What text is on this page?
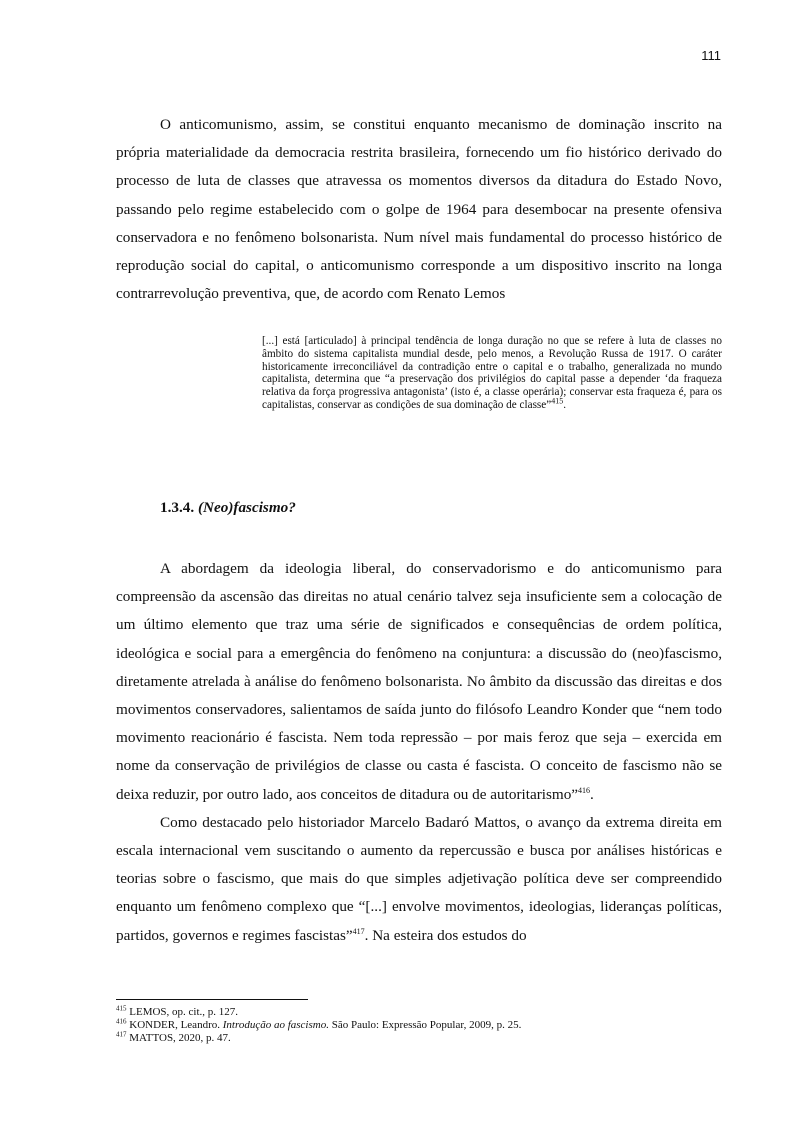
111

O anticomunismo, assim, se constitui enquanto mecanismo de dominação inscrito na própria materialidade da democracia restrita brasileira, fornecendo um fio histórico derivado do processo de luta de classes que atravessa os momentos diversos da ditadura do Estado Novo, passando pelo regime estabelecido com o golpe de 1964 para desembocar na presente ofensiva conservadora e no fenômeno bolsonarista. Num nível mais fundamental do processo histórico de reprodução social do capital, o anticomunismo corresponde a um dispositivo inscrito na longa contrarrevolução preventiva, que, de acordo com Renato Lemos

[...] está [articulado] à principal tendência de longa duração no que se refere à luta de classes no âmbito do sistema capitalista mundial desde, pelo menos, a Revolução Russa de 1917. O caráter historicamente irreconciliável da contradição entre o capital e o trabalho, generalizada no mundo capitalista, determina que “a preservação dos privilégios do capital passe a depender ‘da fraqueza relativa da força progressiva antagonista’ (isto é, a classe operária); conservar esta fraqueza é, para os capitalistas, conservar as condições de sua dominação de classe”$^{415}$.

1.3.4. (Neo)fascismo?

A abordagem da ideologia liberal, do conservadorismo e do anticomunismo para compreensão da ascensão das direitas no atual cenário talvez seja insuficiente sem a colocação de um último elemento que traz uma série de significados e consequências de ordem política, ideológica e social para a emergência do fenômeno na conjuntura: a discussão do (neo)fascismo, diretamente atrelada à análise do fenômeno bolsonarista. No âmbito da discussão das direitas e dos movimentos conservadores, salientamos de saída junto do filósofo Leandro Konder que “nem todo movimento reacionário é fascista. Nem toda repressão – por mais feroz que seja – exercida em nome da conservação de privilégios de classe ou casta é fascista. O conceito de fascismo não se deixa reduzir, por outro lado, aos conceitos de ditadura ou de autoritarismo”$^{416}$.

Como destacado pelo historiador Marcelo Badaró Mattos, o avanço da extrema direita em escala internacional vem suscitando o aumento da repercussão e busca por análises históricas e teorias sobre o fascismo, que mais do que simples adjetivação política deve ser compreendido enquanto um fenômeno complexo que “[...] envolve movimentos, ideologias, lideranças políticas, partidos, governos e regimes fascistas”$^{417}$. Na esteira dos estudos do

$^{415}$ LEMOS, op. cit., p. 127.
$^{416}$ KONDER, Leandro. Introdução ao fascismo. São Paulo: Expressão Popular, 2009, p. 25.
$^{417}$ MATTOS, 2020, p. 47.
